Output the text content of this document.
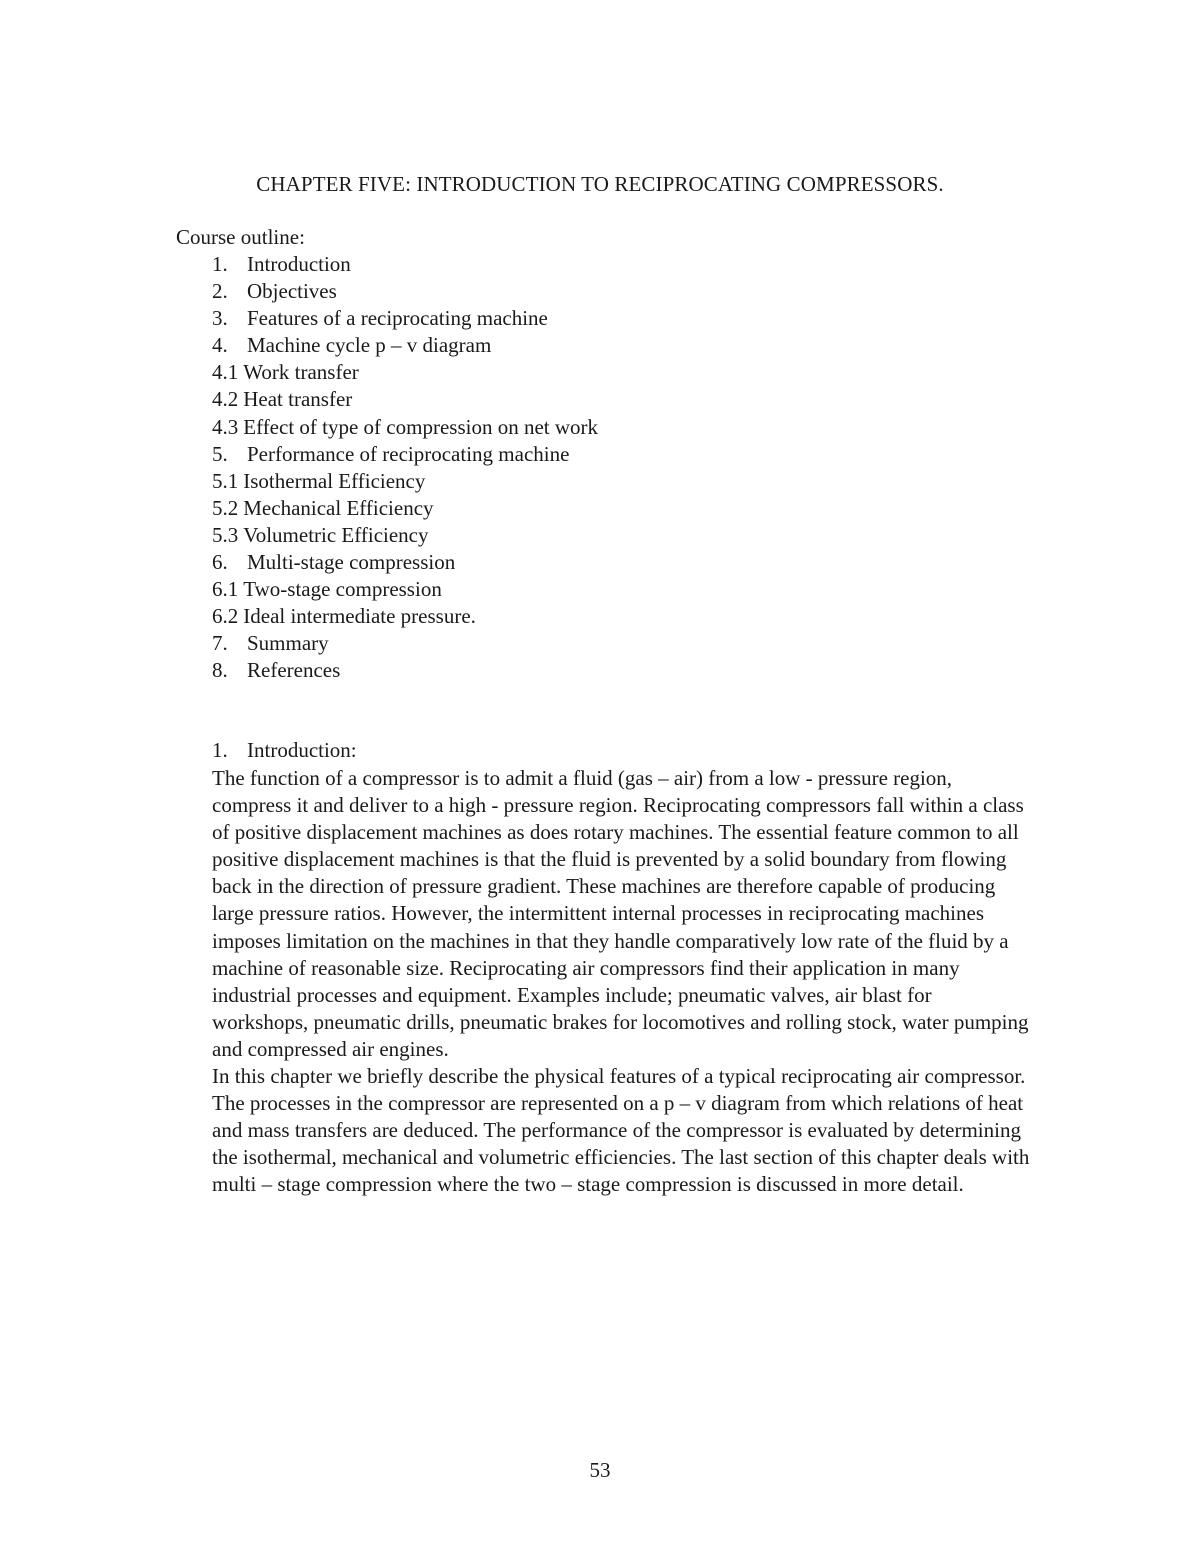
CHAPTER FIVE: INTRODUCTION TO RECIPROCATING COMPRESSORS.
Course outline:
1. Introduction
2. Objectives
3. Features of a reciprocating machine
4. Machine cycle p – v diagram
4.1 Work transfer
4.2 Heat transfer
4.3 Effect of type of compression on net work
5. Performance of reciprocating machine
5.1 Isothermal Efficiency
5.2 Mechanical Efficiency
5.3 Volumetric Efficiency
6. Multi-stage compression
6.1 Two-stage compression
6.2 Ideal intermediate pressure.
7. Summary
8. References
1. Introduction:

The function of a compressor is to admit a fluid (gas – air) from a low - pressure region, compress it and deliver to a high - pressure region. Reciprocating compressors fall within a class of positive displacement machines as does rotary machines. The essential feature common to all positive displacement machines is that the fluid is prevented by a solid boundary from flowing back in the direction of pressure gradient. These machines are therefore capable of producing large pressure ratios. However, the intermittent internal processes in reciprocating machines imposes limitation on the machines in that they handle comparatively low rate of the fluid by a machine of reasonable size. Reciprocating air compressors find their application in many industrial processes and equipment. Examples include; pneumatic valves, air blast for workshops, pneumatic drills, pneumatic brakes for locomotives and rolling stock, water pumping and compressed air engines.

In this chapter we briefly describe the physical features of a typical reciprocating air compressor. The processes in the compressor are represented on a p – v diagram from which relations of heat and mass transfers are deduced. The performance of the compressor is evaluated by determining the isothermal, mechanical and volumetric efficiencies. The last section of this chapter deals with multi – stage compression where the two – stage compression is discussed in more detail.

53
